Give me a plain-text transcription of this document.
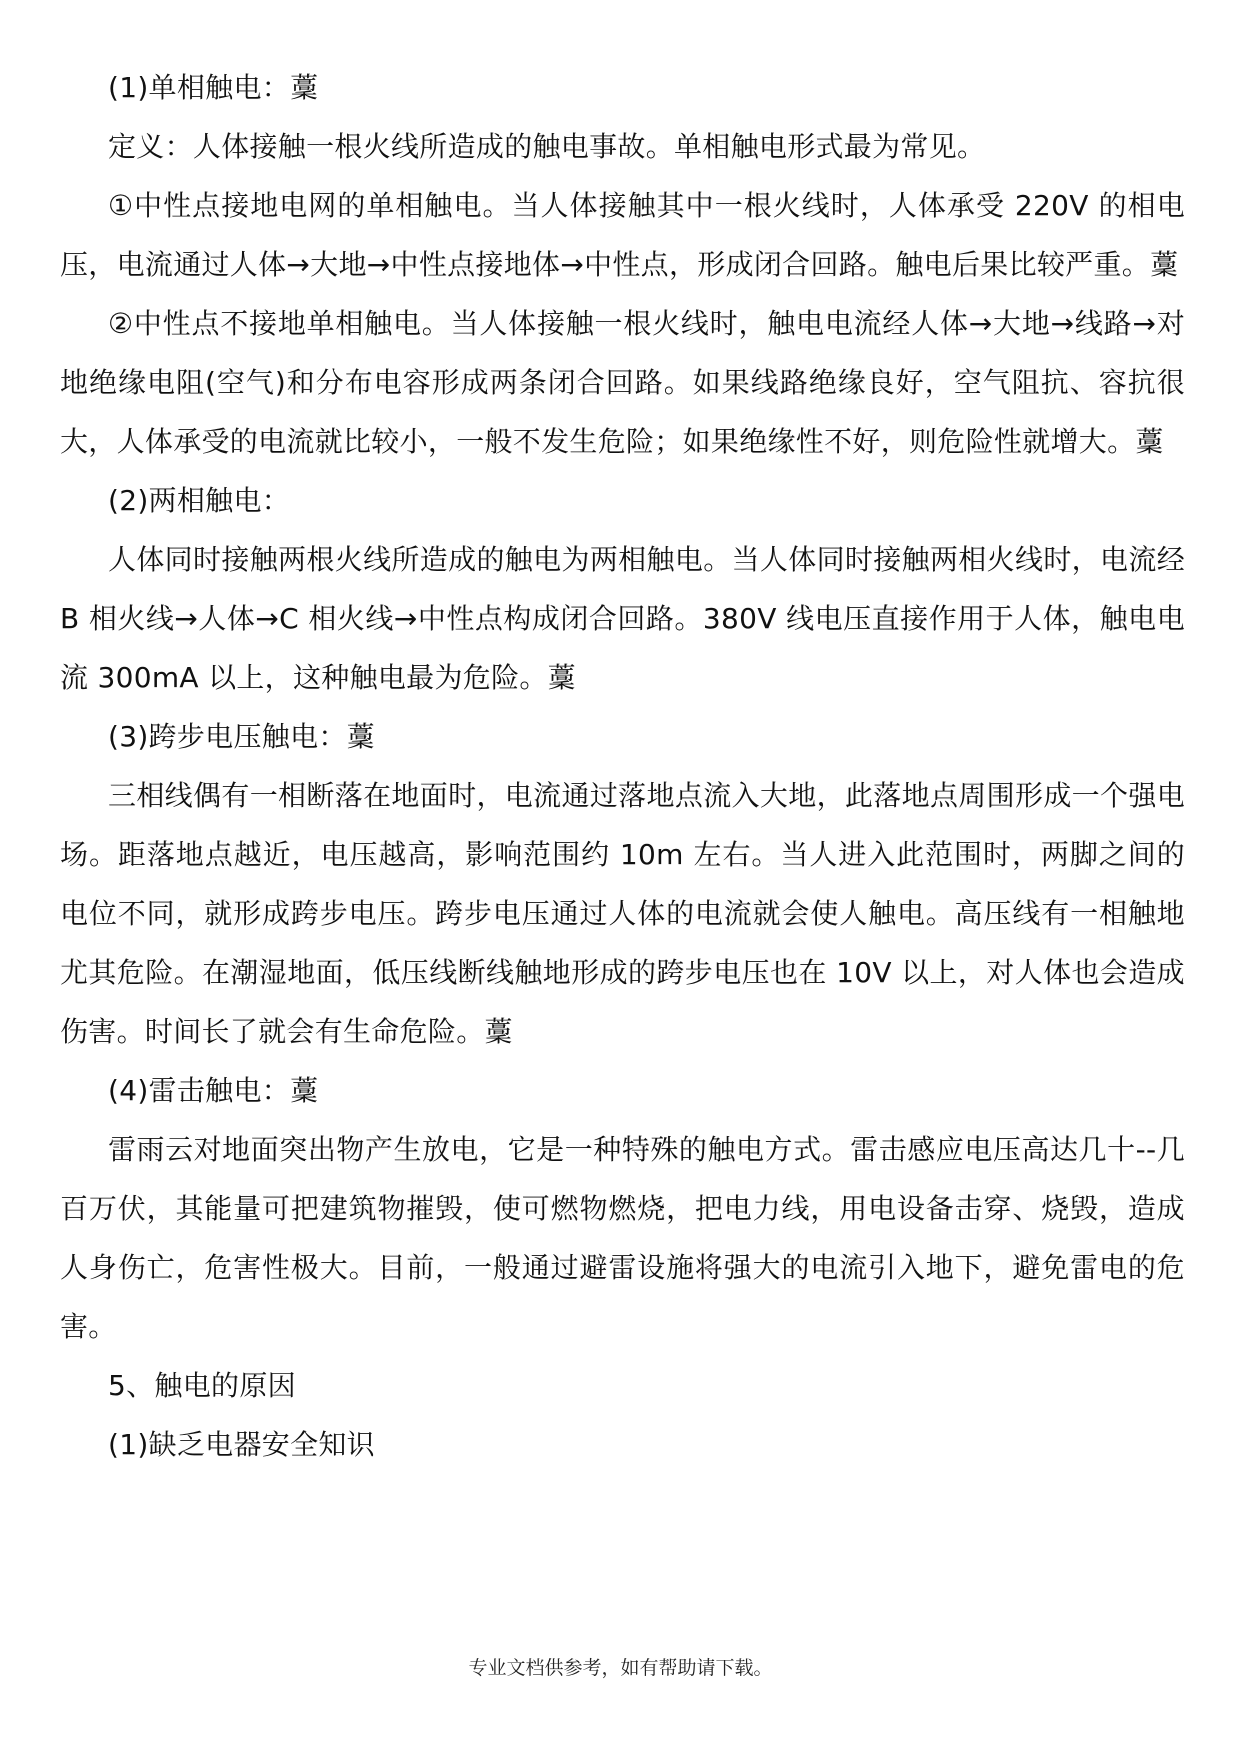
(1)单相触电：藳

定义：人体接触一根火线所造成的触电事故。单相触电形式最为常见。

①中性点接地电网的单相触电。当人体接触其中一根火线时，人体承受 220V 的相电压，电流通过人体→大地→中性点接地体→中性点，形成闭合回路。触电后果比较严重。藳

②中性点不接地单相触电。当人体接触一根火线时，触电电流经人体→大地→线路→对地绝缘电阻(空气)和分布电容形成两条闭合回路。如果线路绝缘良好，空气阻抗、容抗很大，人体承受的电流就比较小，一般不发生危险；如果绝缘性不好，则危险性就增大。藳

(2)两相触电：

人体同时接触两根火线所造成的触电为两相触电。当人体同时接触两相火线时，电流经 B 相火线→人体→C 相火线→中性点构成闭合回路。380V 线电压直接作用于人体，触电电流 300mA 以上，这种触电最为危险。藳

(3)跨步电压触电：藳

三相线偶有一相断落在地面时，电流通过落地点流入大地，此落地点周围形成一个强电场。距落地点越近，电压越高，影响范围约 10m 左右。当人进入此范围时，两脚之间的电位不同，就形成跨步电压。跨步电压通过人体的电流就会使人触电。高压线有一相触地尤其危险。在潮湿地面，低压线断线触地形成的跨步电压也在 10V 以上，对人体也会造成伤害。时间长了就会有生命危险。藳

(4)雷击触电：藳

雷雨云对地面突出物产生放电，它是一种特殊的触电方式。雷击感应电压高达几十--几百万伏，其能量可把建筑物摧毁，使可燃物燃烧，把电力线，用电设备击穿、烧毁，造成人身伤亡，危害性极大。目前，一般通过避雷设施将强大的电流引入地下，避免雷电的危害。

5、触电的原因

(1)缺乏电器安全知识

专业文档供参考，如有帮助请下载。
